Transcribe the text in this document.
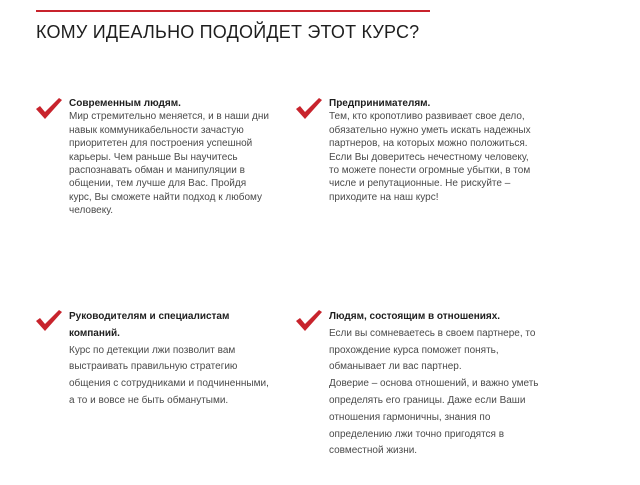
КОМУ ИДЕАЛЬНО ПОДОЙДЕТ ЭТОТ КУРС?
Современным людям.

Мир стремительно меняется, и в наши дни навык коммуникабельности зачастую приоритетен для построения успешной карьеры. Чем раньше Вы научитесь распознавать обман и манипуляции в общении, тем лучше для Вас. Пройдя курс, Вы сможете найти подход к любому человеку.

Предпринимателям.

Тем, кто кропотливо развивает свое дело, обязательно нужно уметь искать надежных партнеров, на которых можно положиться. Если Вы доверитесь нечестному человеку, то можете понести огромные убытки, в том числе и репутационные. Не рискуйте – приходите на наш курс!

Руководителям и специалистам компаний.

Курс по детекции лжи позволит вам выстраивать правильную стратегию общения с сотрудниками и подчиненными, а то и вовсе не быть обманутыми.

Людям, состоящим в отношениях.

Если вы сомневаетесь в своем партнере, то прохождение курса поможет понять, обманывает ли вас партнер.

Доверие – основа отношений, и важно уметь определять его границы. Даже если Ваши отношения гармоничны, знания по определению лжи точно пригодятся в совместной жизни.
